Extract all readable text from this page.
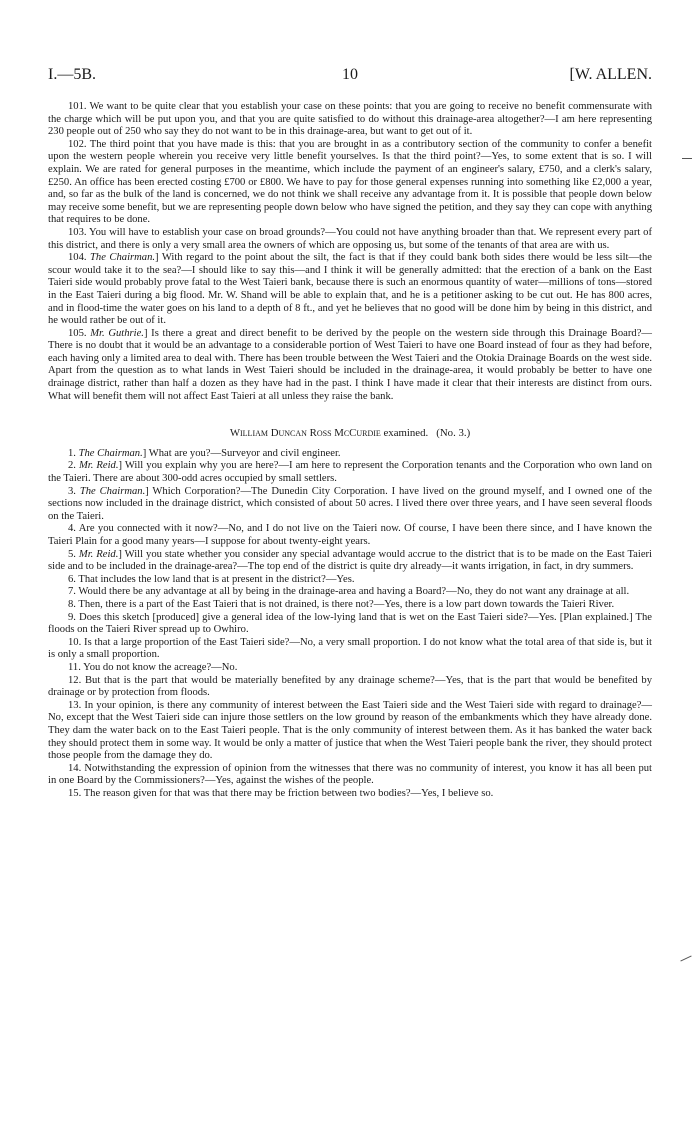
I.—5B.	10	[W. ALLEN.

101. We want to be quite clear that you establish your case on these points: that you are going to receive no benefit commensurate with the charge which will be put upon you, and that you are quite satisfied to do without this drainage-area altogether?—I am here representing 230 people out of 250 who say they do not want to be in this drainage-area, but want to get out of it.

102. The third point that you have made is this: that you are brought in as a contributory section of the community to confer a benefit upon the western people wherein you receive very little benefit yourselves. Is that the third point?—Yes, to some extent that is so. I will explain. We are rated for general purposes in the meantime, which include the payment of an engineer's salary, £750, and a clerk's salary, £250. An office has been erected costing £700 or £800. We have to pay for those general expenses running into something like £2,000 a year, and, so far as the bulk of the land is concerned, we do not think we shall receive any advantage from it. It is possible that people down below may receive some benefit, but we are representing people down below who have signed the petition, and they say they can cope with anything that requires to be done.

103. You will have to establish your case on broad grounds?—You could not have anything broader than that. We represent every part of this district, and there is only a very small area the owners of which are opposing us, but some of the tenants of that area are with us.

104. The Chairman.] With regard to the point about the silt, the fact is that if they could bank both sides there would be less silt—the scour would take it to the sea?—I should like to say this—and I think it will be generally admitted: that the erection of a bank on the East Taieri side would probably prove fatal to the West Taieri bank, because there is such an enormous quantity of water—millions of tons—stored in the East Taieri during a big flood. Mr. W. Shand will be able to explain that, and he is a petitioner asking to be cut out. He has 800 acres, and in flood-time the water goes on his land to a depth of 8 ft., and yet he believes that no good will be done him by being in this district, and he would rather be out of it.

105. Mr. Guthrie.] Is there a great and direct benefit to be derived by the people on the western side through this Drainage Board?—There is no doubt that it would be an advantage to a considerable portion of West Taieri to have one Board instead of four as they had before, each having only a limited area to deal with. There has been trouble between the West Taieri and the Otokia Drainage Boards on the west side. Apart from the question as to what lands in West Taieri should be included in the drainage-area, it would probably be better to have one drainage district, rather than half a dozen as they have had in the past. I think I have made it clear that their interests are distinct from ours. What will benefit them will not affect East Taieri at all unless they raise the bank.

William Duncan Ross McCurdie examined. (No. 3.)

1. The Chairman.] What are you?—Surveyor and civil engineer.

2. Mr. Reid.] Will you explain why you are here?—I am here to represent the Corporation tenants and the Corporation who own land on the Taieri. There are about 300-odd acres occupied by small settlers.

3. The Chairman.] Which Corporation?—The Dunedin City Corporation. I have lived on the ground myself, and I owned one of the sections now included in the drainage district, which consisted of about 50 acres. I lived there over three years, and I have seen several floods on the Taieri.

4. Are you connected with it now?—No, and I do not live on the Taieri now. Of course, I have been there since, and I have known the Taieri Plain for a good many years—I suppose for about twenty-eight years.

5. Mr. Reid.] Will you state whether you consider any special advantage would accrue to the district that is to be made on the East Taieri side and to be included in the drainage-area?—The top end of the district is quite dry already—it wants irrigation, in fact, in dry summers.

6. That includes the low land that is at present in the district?—Yes.

7. Would there be any advantage at all by being in the drainage-area and having a Board?—No, they do not want any drainage at all.

8. Then, there is a part of the East Taieri that is not drained, is there not?—Yes, there is a low part down towards the Taieri River.

9. Does this sketch [produced] give a general idea of the low-lying land that is wet on the East Taieri side?—Yes. [Plan explained.] The floods on the Taieri River spread up to Owhiro.

10. Is that a large proportion of the East Taieri side?—No, a very small proportion. I do not know what the total area of that side is, but it is only a small proportion.

11. You do not know the acreage?—No.

12. But that is the part that would be materially benefited by any drainage scheme?—Yes, that is the part that would be benefited by drainage or by protection from floods.

13. In your opinion, is there any community of interest between the East Taieri side and the West Taieri side with regard to drainage?—No, except that the West Taieri side can injure those settlers on the low ground by reason of the embankments which they have already done. They dam the water back on to the East Taieri people. That is the only community of interest between them. As it has banked the water back they should protect them in some way. It would be only a matter of justice that when the West Taieri people bank the river, they should protect those people from the damage they do.

14. Notwithstanding the expression of opinion from the witnesses that there was no community of interest, you know it has all been put in one Board by the Commissioners?—Yes, against the wishes of the people.

15. The reason given for that was that there may be friction between two bodies?—Yes, I believe so.
